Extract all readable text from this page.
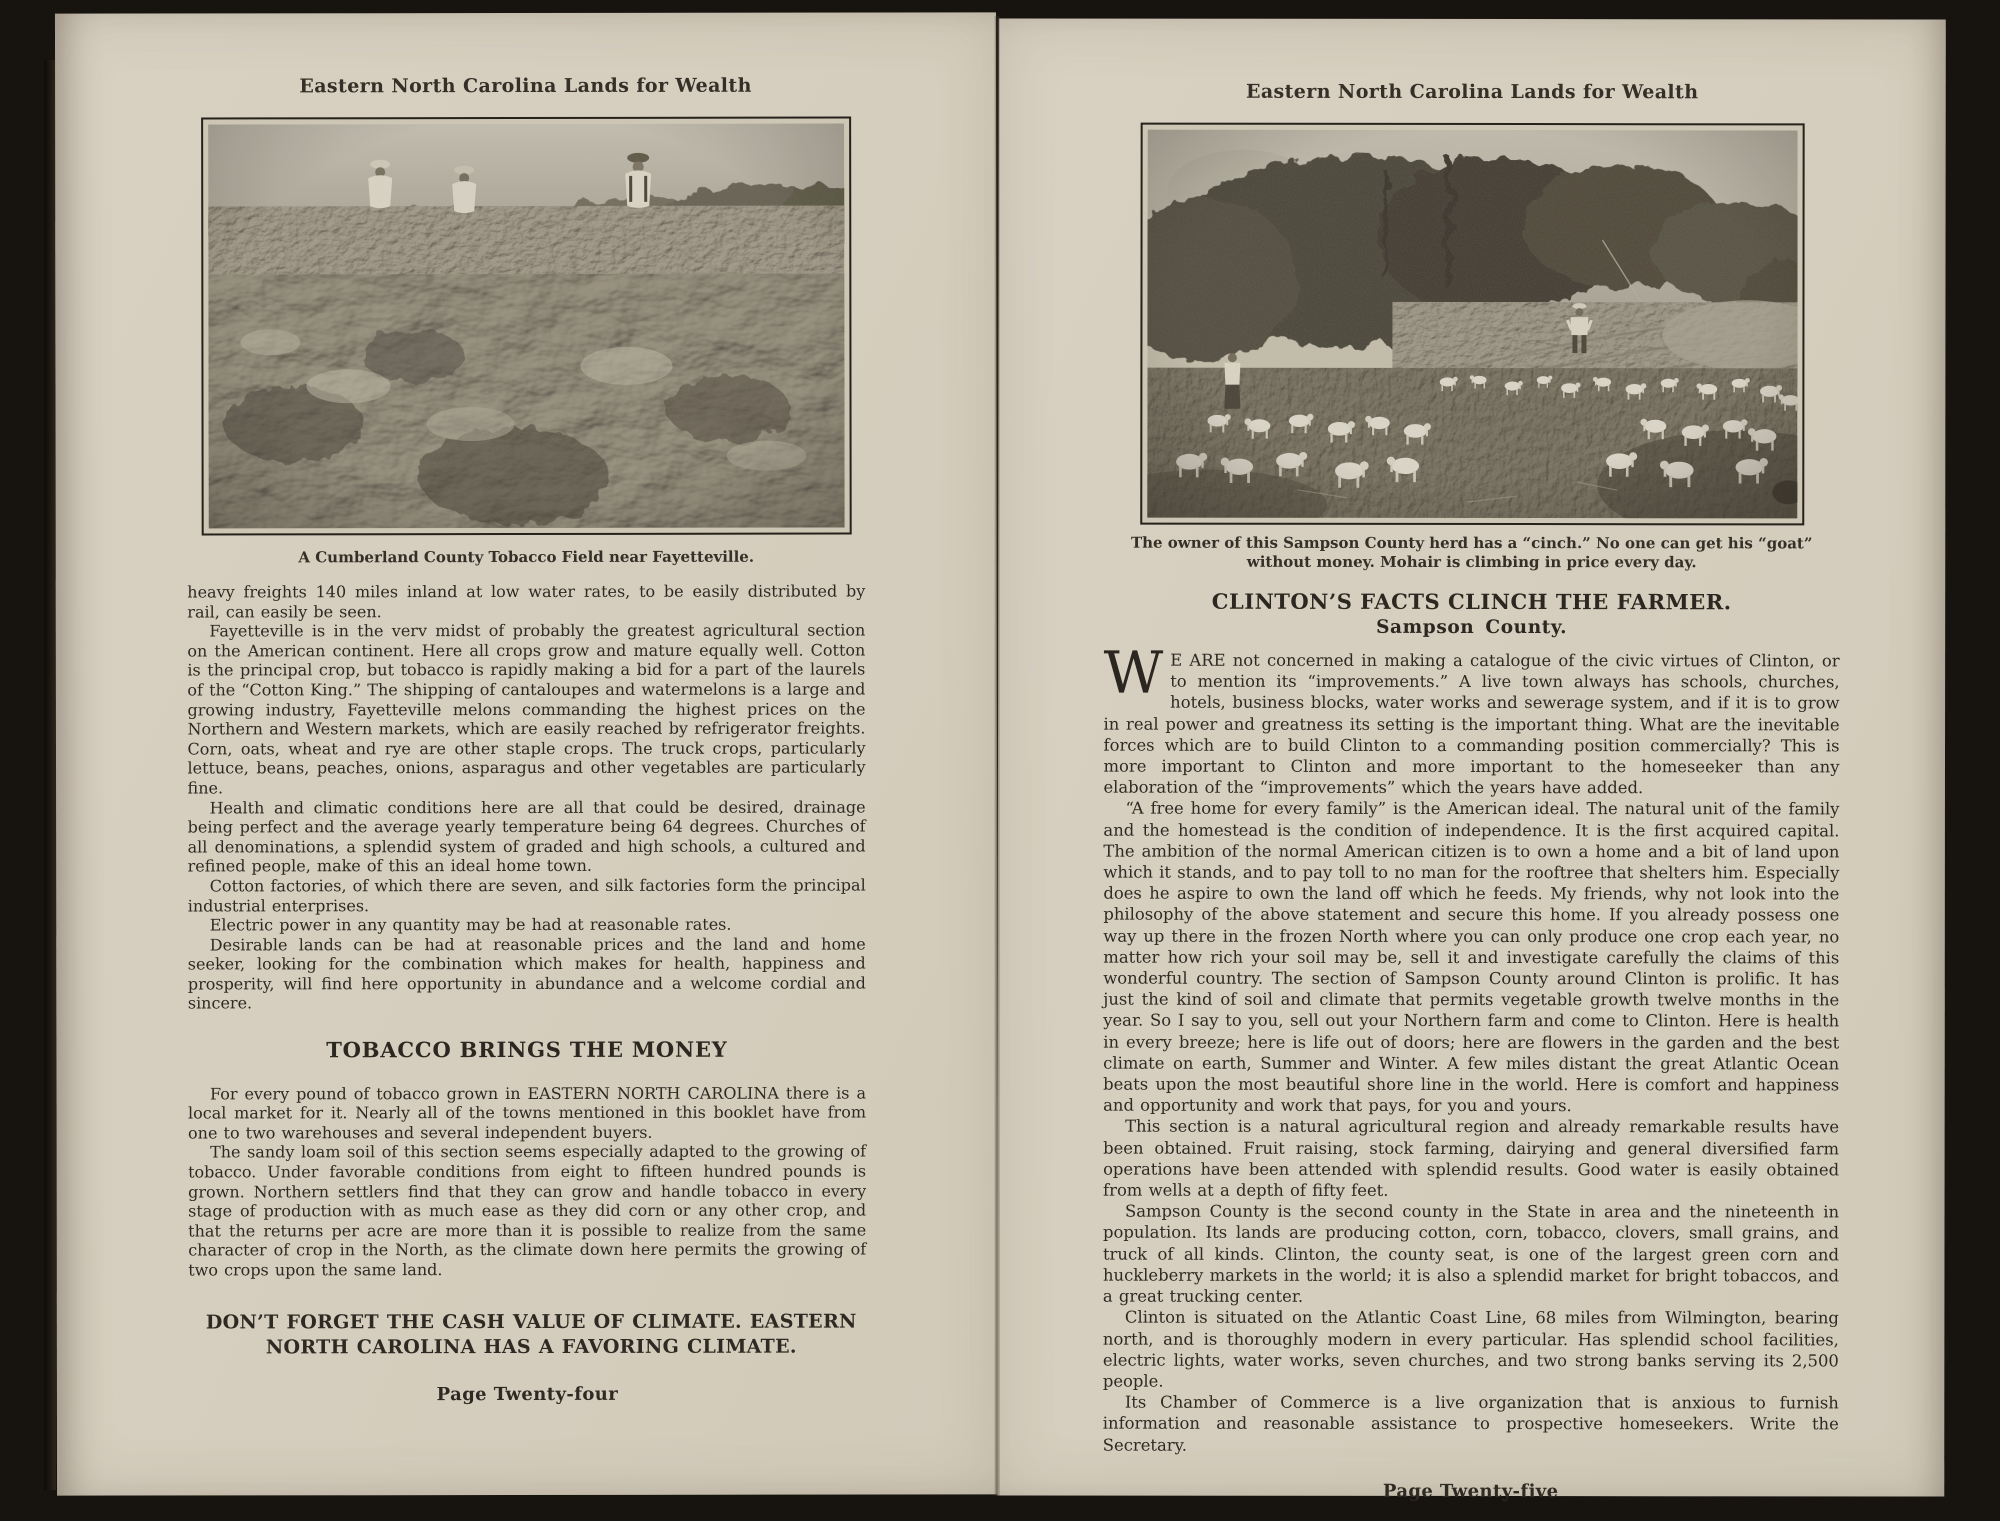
Eastern North Carolina Lands for Wealth
A Cumberland County Tobacco Field near Fayetteville.

heavy freights 140 miles inland at low water rates, to be easily distributed by rail, can easily be seen.

Fayetteville is in the verv midst of probably the greatest agricultural section on the American continent. Here all crops grow and mature equally well. Cotton is the principal crop, but tobacco is rapidly making a bid for a part of the laurels of the “Cotton King.” The shipping of cantaloupes and watermelons is a large and growing industry, Fayetteville melons commanding the highest prices on the Northern and Western markets, which are easily reached by refrigerator freights. Corn, oats, wheat and rye are other staple crops. The truck crops, particularly lettuce, beans, peaches, onions, asparagus and other vegetables are particularly fine.

Health and climatic conditions here are all that could be desired, drainage being perfect and the average yearly temperature being 64 degrees. Churches of all denominations, a splendid system of graded and high schools, a cultured and refined people, make of this an ideal home town.

Cotton factories, of which there are seven, and silk factories form the principal industrial enterprises.

Electric power in any quantity may be had at reasonable rates.

Desirable lands can be had at reasonable prices and the land and home seeker, looking for the combination which makes for health, happiness and prosperity, will find here opportunity in abundance and a welcome cordial and sincere.

TOBACCO BRINGS THE MONEY

For every pound of tobacco grown in EASTERN NORTH CAROLINA there is a local market for it. Nearly all of the towns mentioned in this booklet have from one to two warehouses and several independent buyers.

The sandy loam soil of this section seems especially adapted to the growing of tobacco. Under favorable conditions from eight to fifteen hundred pounds is grown. Northern settlers find that they can grow and handle tobacco in every stage of production with as much ease as they did corn or any other crop, and that the returns per acre are more than it is possible to realize from the same character of crop in the North, as the climate down here permits the growing of two crops upon the same land.

DON’T FORGET THE CASH VALUE OF CLIMATE. EASTERN NORTH CAROLINA HAS A FAVORING CLIMATE.

Page Twenty-four
Eastern North Carolina Lands for Wealth
The owner of this Sampson County herd has a “cinch.” No one can get his “goat” without money. Mohair is climbing in price every day.
CLINTON’S FACTS CLINCH THE FARMER.
Sampson County.

W E ARE not concerned in making a catalogue of the civic virtues of Clinton, or to mention its “improvements.” A live town always has schools, churches, hotels, business blocks, water works and sewerage system, and if it is to grow in real power and greatness its setting is the important thing. What are the inevitable forces which are to build Clinton to a commanding position commercially? This is more important to Clinton and more important to the homeseeker than any elaboration of the “improvements” which the years have added.

“A free home for every family” is the American ideal. The natural unit of the family and the homestead is the condition of independence. It is the first acquired capital. The ambition of the normal American citizen is to own a home and a bit of land upon which it stands, and to pay toll to no man for the rooftree that shelters him. Especially does he aspire to own the land off which he feeds. My friends, why not look into the philosophy of the above statement and secure this home. If you already possess one way up there in the frozen North where you can only produce one crop each year, no matter how rich your soil may be, sell it and investigate carefully the claims of this wonderful country. The section of Sampson County around Clinton is prolific. It has just the kind of soil and climate that permits vegetable growth twelve months in the year. So I say to you, sell out your Northern farm and come to Clinton. Here is health in every breeze; here is life out of doors; here are flowers in the garden and the best climate on earth, Summer and Winter. A few miles distant the great Atlantic Ocean beats upon the most beautiful shore line in the world. Here is comfort and happiness and opportunity and work that pays, for you and yours.

This section is a natural agricultural region and already remarkable results have been obtained. Fruit raising, stock farming, dairying and general diversified farm operations have been attended with splendid results. Good water is easily obtained from wells at a depth of fifty feet.

Sampson County is the second county in the State in area and the nineteenth in population. Its lands are producing cotton, corn, tobacco, clovers, small grains, and truck of all kinds. Clinton, the county seat, is one of the largest green corn and huckleberry markets in the world; it is also a splendid market for bright tobaccos, and a great trucking center.

Clinton is situated on the Atlantic Coast Line, 68 miles from Wilmington, bearing north, and is thoroughly modern in every particular. Has splendid school facilities, electric lights, water works, seven churches, and two strong banks serving its 2,500 people.

Its Chamber of Commerce is a live organization that is anxious to furnish information and reasonable assistance to prospective homeseekers. Write the Secretary.

Page Twenty-five
